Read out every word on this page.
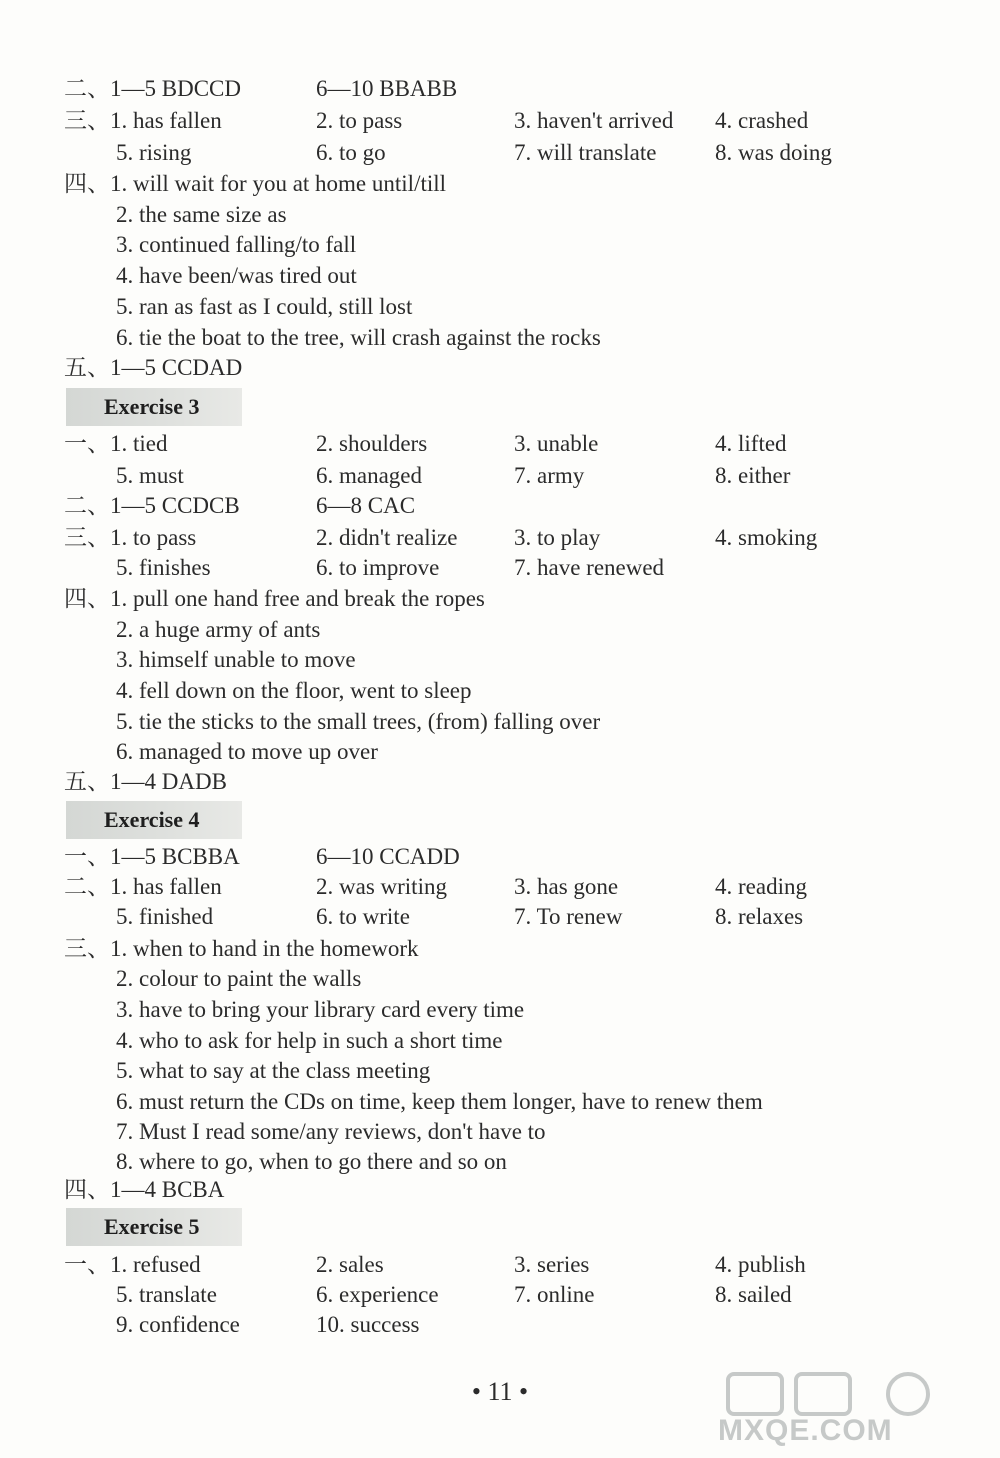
二、1—5 BDCCD	6—10 BBABB
三、1. has fallen	2. to pass	3. haven't arrived 4. crashed
5. rising	6. to go	7. will translate	8. was doing
四、1. will wait for you at home until/till
2. the same size as
3. continued falling/to fall
4. have been/was tired out
5. ran as fast as I could, still lost
6. tie the boat to the tree, will crash against the rocks
五、1—5 CCDAD
一、1. tied	2. shoulders	3. unable	4. lifted
5. must	6. managed	7. army	8. either
二、1—5 CCDCB	6—8 CAC
三、1. to pass	2. didn't realize 3. to play	4. smoking
5. finishes	6. to improve	7. have renewed
四、1. pull one hand free and break the ropes
2. a huge army of ants
3. himself unable to move
4. fell down on the floor, went to sleep
5. tie the sticks to the small trees, (from) falling over
6. managed to move up over
五、1—4 DADB
一、1—5 BCBBA	6—10 CCADD
二、1. has fallen	2. was writing	3. has gone	4. reading
5. finished	6. to write	7. To renew	8. relaxes
三、1. when to hand in the homework
2. colour to paint the walls
3. have to bring your library card every time
4. who to ask for help in such a short time
5. what to say at the class meeting
6. must return the CDs on time, keep them longer, have to renew them
7. Must I read some/any reviews, don't have to
8. where to go, when to go there and so on
四、1—4 BCBA
一、1. refused	2. sales	3. series	4. publish
5. translate	6. experience	7. online	8. sailed
9. confidence	10. success
Exercise 3
Exercise 4
Exercise 5
• 11 •
MXQE.COM
